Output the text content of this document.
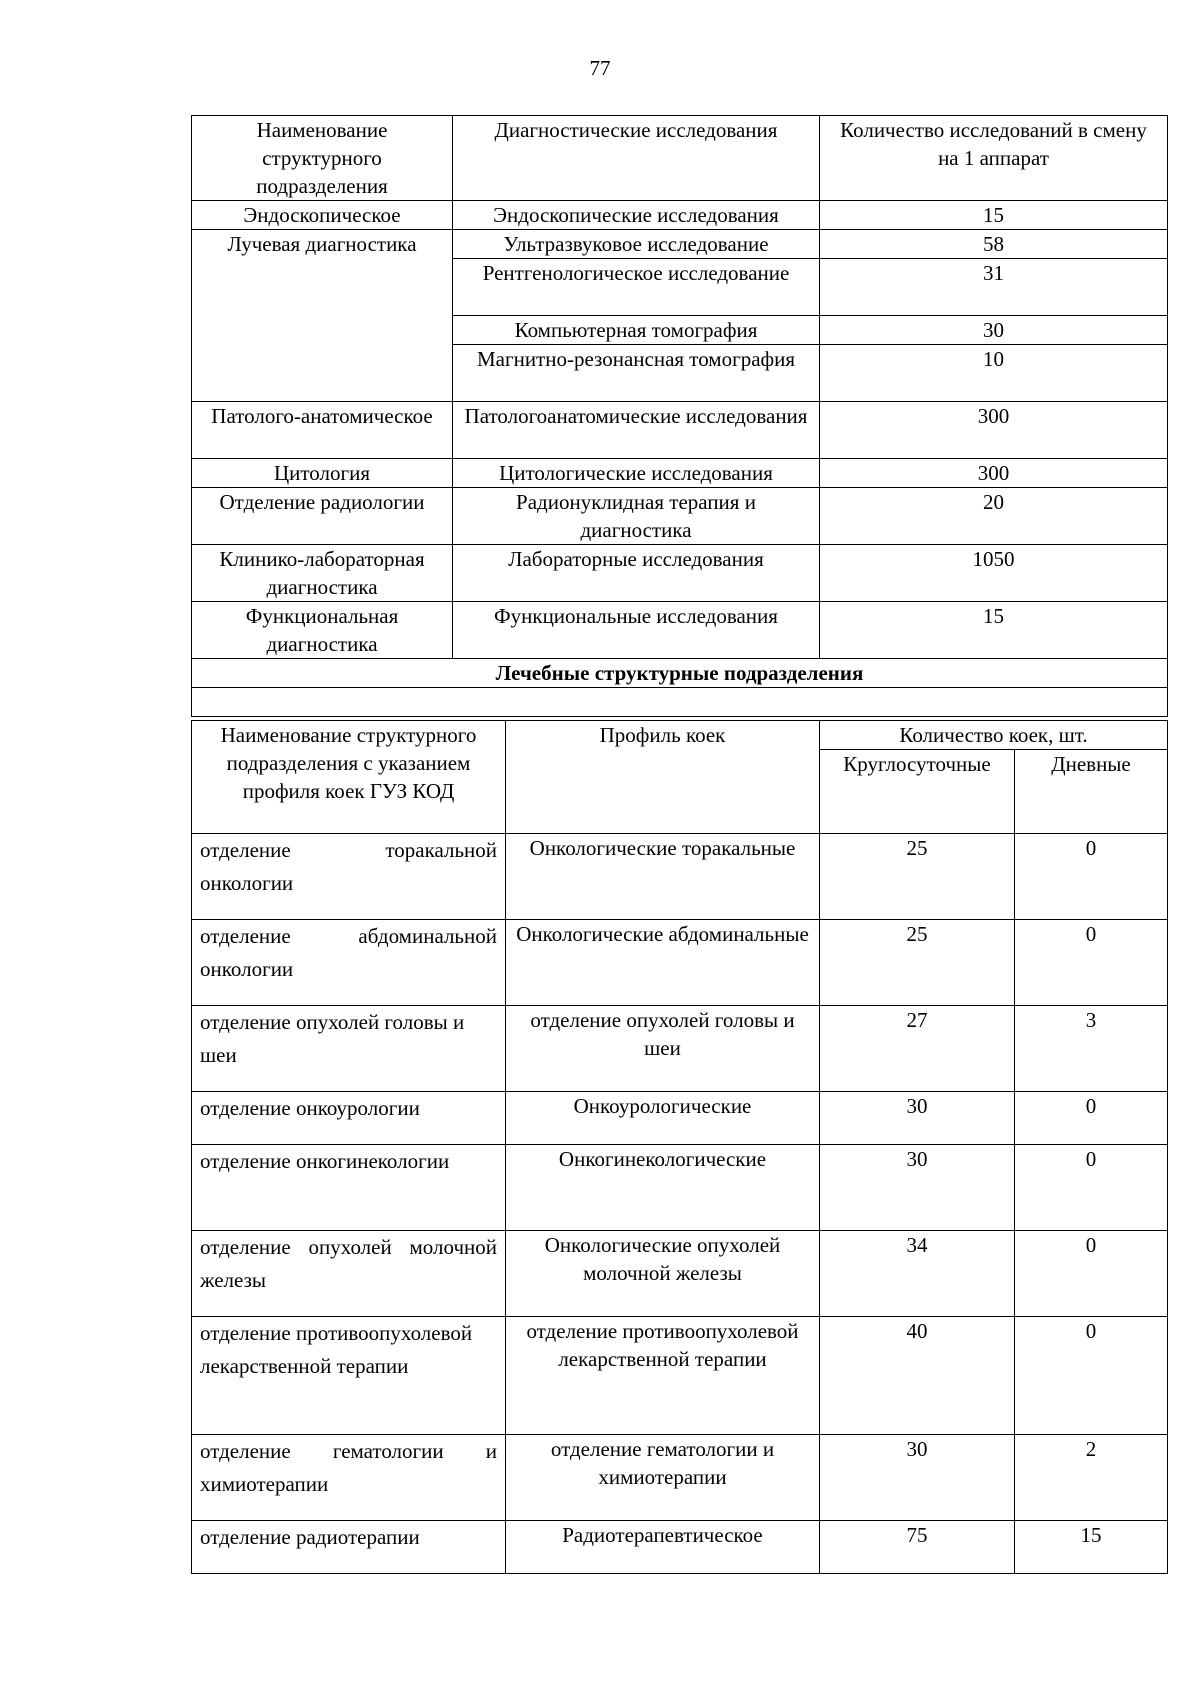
77
Наименование структурного подразделения	Диагностические исследования	Количество исследований в смену на 1 аппарат
Эндоскопическое	Эндоскопические исследования	15
Лучевая диагностика	Ультразвуковое исследование	58
	Рентгенологическое исследование	31
	Компьютерная томография	30
	Магнитно-резонансная томография	10
Патолого-анатомическое	Патологоанатомические исследования	300
Цитология	Цитологические исследования	300
Отделение радиологии	Радионуклидная терапия и диагностика	20
Клинико-лабораторная диагностика	Лабораторные исследования	1050
Функциональная диагностика	Функциональные исследования	15
Лечебные структурные подразделения		

Наименование структурного подразделения с указанием профиля коек ГУЗ КОД	Профиль коек	Количество коек, шт.	
		Круглосуточные	Дневные
отделение торакальной онкологии	Онкологические торакальные	25	0
отделение абдоминальной онкологии	Онкологические абдоминальные	25	0
отделение опухолей головы и шеи	отделение опухолей головы и шеи	27	3
отделение онкоурологии	Онкоурологические	30	0
отделение онкогинекологии	Онкогинекологические	30	0
отделение опухолей молочной железы	Онкологические опухолей молочной железы	34	0
отделение противоопухолевой лекарственной терапии	отделение противоопухолевой лекарственной терапии	40	0
отделение гематологии и химиотерапии	отделение гематологии и химиотерапии	30	2
отделение радиотерапии	Радиотерапевтическое	75	15
